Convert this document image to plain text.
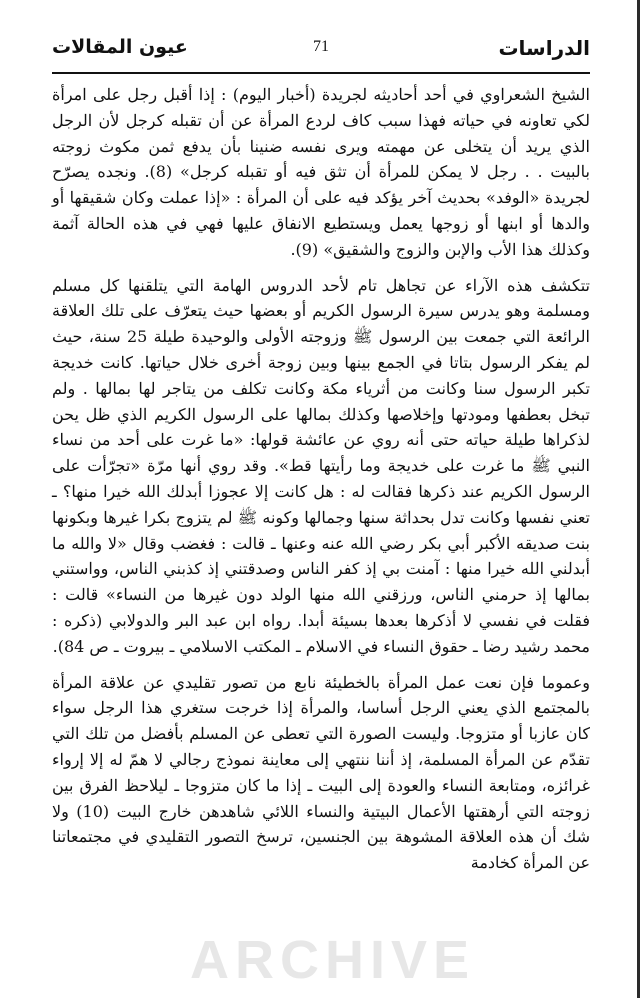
الدراسات
71
عيون المقالات

الشيخ الشعراوي في أحد أحاديثه لجريدة (أخبار اليوم) : إذا أقبل رجل على امرأة لكي تعاونه في حياته فهذا سبب كاف لردع المرأة عن أن تقبله كرجل لأن الرجل الذي يريد أن يتخلى عن مهمته ويرى نفسه ضنينا بأن يدفع ثمن مكوث زوجته بالبيت . . رجل لا يمكن للمرأة أن تثق فيه أو تقبله كرجل» (8). ونجده يصرّح لجريدة «الوفد» بحديث آخر يؤكد فيه على أن المرأة : «إذا عملت وكان شقيقها أو والدها أو ابنها أو زوجها يعمل ويستطيع الانفاق عليها فهي في هذه الحالة آثمة وكذلك هذا الأب والإبن والزوج والشقيق» (9).

تتكشف هذه الآراء عن تجاهل تام لأحد الدروس الهامة التي يتلقنها كل مسلم ومسلمة وهو يدرس سيرة الرسول الكريم أو بعضها حيث يتعرّف على تلك العلاقة الرائعة التي جمعت بين الرسول ﷺ وزوجته الأولى والوحيدة طيلة 25 سنة، حيث لم يفكر الرسول بتاتا في الجمع بينها وبين زوجة أخرى خلال حياتها. كانت خديجة تكبر الرسول سنا وكانت من أثرياء مكة وكانت تكلف من يتاجر لها بمالها . ولم تبخل بعطفها ومودتها وإخلاصها وكذلك بمالها على الرسول الكريم الذي ظل يحن لذكراها طيلة حياته حتى أنه روي عن عائشة قولها: «ما غرت على أحد من نساء النبي ﷺ ما غرت على خديجة وما رأيتها قط». وقد روي أنها مرّة «تجرّأت على الرسول الكريم عند ذكرها فقالت له : هل كانت إلا عجوزا أبدلك الله خيرا منها؟ ـ تعني نفسها وكانت تدل بحداثة سنها وجمالها وكونه ﷺ لم يتزوج بكرا غيرها وبكونها بنت صديقه الأكبر أبي بكر رضي الله عنه وعنها ـ قالت : فغضب وقال «لا والله ما أبدلني الله خيرا منها : آمنت بي إذ كفر الناس وصدقتني إذ كذبني الناس، وواستني بمالها إذ حرمني الناس، ورزقني الله منها الولد دون غيرها من النساء» قالت : فقلت في نفسي لا أذكرها بعدها بسيئة أبدا. رواه ابن عبد البر والدولابي (ذكره : محمد رشيد رضا ـ حقوق النساء في الاسلام ـ المكتب الاسلامي ـ بيروت ـ ص 84).

وعموما فإن نعت عمل المرأة بالخطيئة نابع من تصور تقليدي عن علاقة المرأة بالمجتمع الذي يعني الرجل أساسا، والمرأة إذا خرجت ستغري هذا الرجل سواء كان عازبا أو متزوجا. وليست الصورة التي تعطى عن المسلم بأفضل من تلك التي تقدّم عن المرأة المسلمة، إذ أننا ننتهي إلى معاينة نموذج رجالي لا همّ له إلا إرواء غرائزه، ومتابعة النساء والعودة إلى البيت ـ إذا ما كان متزوجا ـ ليلاحظ الفرق بين زوجته التي أرهقتها الأعمال البيتية والنساء اللائي شاهدهن خارج البيت (10) ولا شك أن هذه العلاقة المشوهة بين الجنسين، ترسخ التصور التقليدي في مجتمعاتنا عن المرأة كخادمة

ARCHIVE
